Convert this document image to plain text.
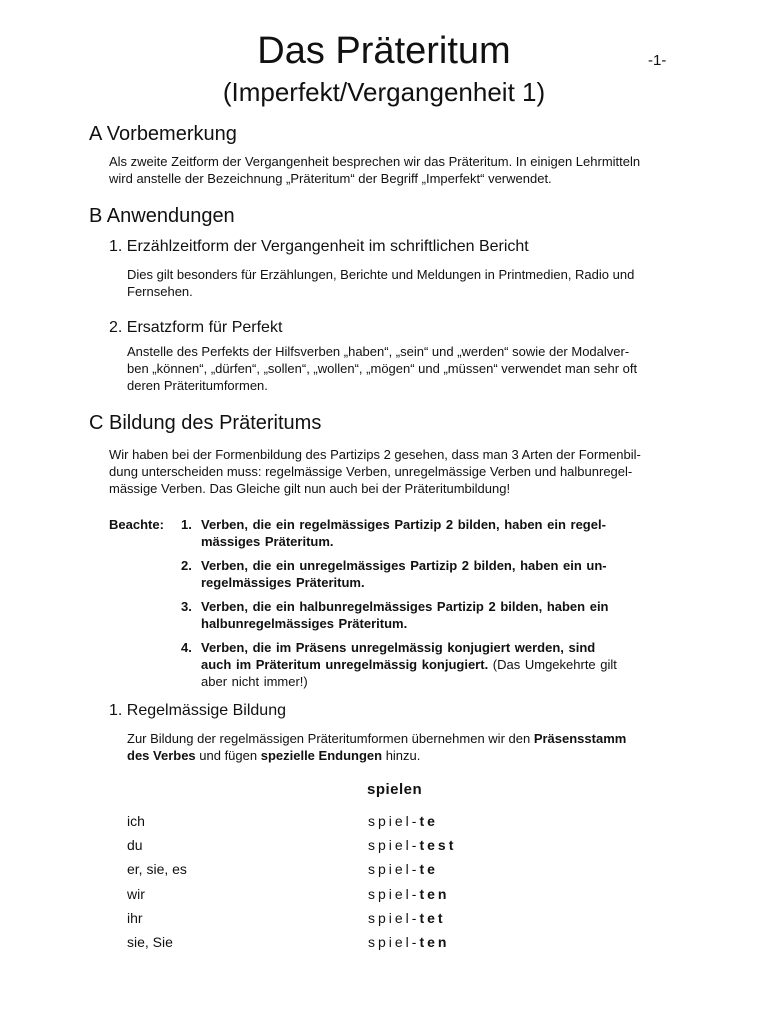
Das Präteritum	-1-
(Imperfekt/Vergangenheit 1)
A Vorbemerkung
Als zweite Zeitform der Vergangenheit besprechen wir das Präteritum. In einigen Lehrmitteln
wird anstelle der Bezeichnung „Präteritum“ der Begriff „Imperfekt“ verwendet.
B Anwendungen
1. Erzählzeitform der Vergangenheit im schriftlichen Bericht
Dies gilt besonders für Erzählungen, Berichte und Meldungen in Printmedien, Radio und
Fernsehen.
2. Ersatzform für Perfekt
Anstelle des Perfekts der Hilfsverben „haben“, „sein“ und „werden“ sowie der Modalver-
ben „können“, „dürfen“, „sollen“, „wollen“, „mögen“ und „müssen“ verwendet man sehr oft
deren Präteritumformen.
C Bildung des Präteritums
Wir haben bei der Formenbildung des Partizips 2 gesehen, dass man 3 Arten der Formenbil-
dung unterscheiden muss: regelmässige Verben, unregelmässige Verben und halbunregel-
mässige Verben. Das Gleiche gilt nun auch bei der Präteritumbildung!
Beachte: 1. Verben, die ein regelmässiges Partizip 2 bilden, haben ein regel-
mässiges Präteritum.
2. Verben, die ein unregelmässiges Partizip 2 bilden, haben ein un-
regelmässiges Präteritum.
3. Verben, die ein halbunregelmässiges Partizip 2 bilden, haben ein
halbunregelmässiges Präteritum.
4. Verben, die im Präsens unregelmässig konjugiert werden, sind
auch im Präteritum unregelmässig konjugiert. (Das Umgekehrte gilt
aber nicht immer!)
1. Regelmässige Bildung
Zur Bildung der regelmässigen Präteritumformen übernehmen wir den Präsensstamm
des Verbes und fügen spezielle Endungen hinzu.
spielen
ich	spiel-te
du	spiel-test
er, sie, es	spiel-te
wir	spiel-ten
ihr	spiel-tet
sie, Sie	spiel-ten
